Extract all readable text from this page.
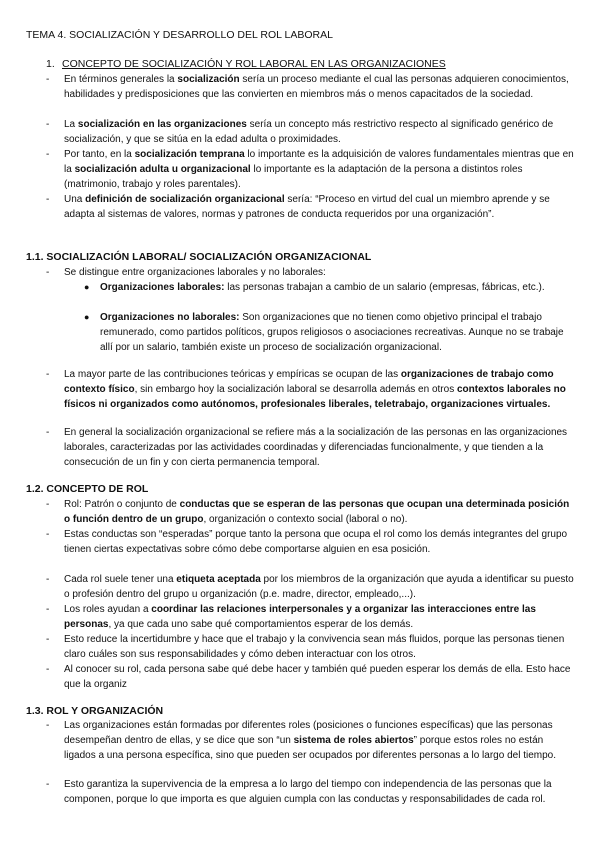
TEMA 4. SOCIALIZACIÓN Y DESARROLLO DEL ROL LABORAL
1. CONCEPTO DE SOCIALIZACIÓN Y ROL LABORAL EN LAS ORGANIZACIONES
- En términos generales la socialización sería un proceso mediante el cual las personas adquieren conocimientos, habilidades y predisposiciones que las convierten en miembros más o menos capacitados de la sociedad.
- La socialización en las organizaciones sería un concepto más restrictivo respecto al significado genérico de socialización, y que se sitúa en la edad adulta o proximidades.
- Por tanto, en la socialización temprana lo importante es la adquisición de valores fundamentales mientras que en la socialización adulta u organizacional lo importante es la adaptación de la persona a distintos roles (matrimonio, trabajo y roles parentales).
- Una definición de socialización organizacional sería: “Proceso en virtud del cual un miembro aprende y se adapta al sistemas de valores, normas y patrones de conducta requeridos por una organización”.
1.1. SOCIALIZACIÓN LABORAL/ SOCIALIZACIÓN ORGANIZACIONAL
- Se distingue entre organizaciones laborales y no laborales:
● Organizaciones laborales: las personas trabajan a cambio de un salario (empresas, fábricas, etc.).
● Organizaciones no laborales: Son organizaciones que no tienen como objetivo principal el trabajo remunerado, como partidos políticos, grupos religiosos o asociaciones recreativas. Aunque no se trabaje allí por un salario, también existe un proceso de socialización organizacional.
- La mayor parte de las contribuciones teóricas y empíricas se ocupan de las organizaciones de trabajo como contexto físico, sin embargo hoy la socialización laboral se desarrolla además en otros contextos laborales no físicos ni organizados como autónomos, profesionales liberales, teletrabajo, organizaciones virtuales.
- En general la socialización organizacional se refiere más a la socialización de las personas en las organizaciones laborales, caracterizadas por las actividades coordinadas y diferenciadas funcionalmente, y que tienden a la consecución de un fin y con cierta permanencia temporal.
1.2. CONCEPTO DE ROL
- Rol: Patrón o conjunto de conductas que se esperan de las personas que ocupan una determinada posición o función dentro de un grupo, organización o contexto social (laboral o no).
- Estas conductas son “esperadas” porque tanto la persona que ocupa el rol como los demás integrantes del grupo tienen ciertas expectativas sobre cómo debe comportarse alguien en esa posición.
- Cada rol suele tener una etiqueta aceptada por los miembros de la organización que ayuda a identificar su puesto o profesión dentro del grupo u organización (p.e. madre, director, empleado,...).
- Los roles ayudan a coordinar las relaciones interpersonales y a organizar las interacciones entre las personas, ya que cada uno sabe qué comportamientos esperar de los demás.
- Esto reduce la incertidumbre y hace que el trabajo y la convivencia sean más fluidos, porque las personas tienen claro cuáles son sus responsabilidades y cómo deben interactuar con los otros.
- Al conocer su rol, cada persona sabe qué debe hacer y también qué pueden esperar los demás de ella. Esto hace que la organiz
1.3. ROL Y ORGANIZACIÓN
- Las organizaciones están formadas por diferentes roles (posiciones o funciones específicas) que las personas desempeñan dentro de ellas, y se dice que son “un sistema de roles abiertos” porque estos roles no están ligados a una persona específica, sino que pueden ser ocupados por diferentes personas a lo largo del tiempo.
- Esto garantiza la supervivencia de la empresa a lo largo del tiempo con independencia de las personas que la componen, porque lo que importa es que alguien cumpla con las conductas y responsabilidades de cada rol.
